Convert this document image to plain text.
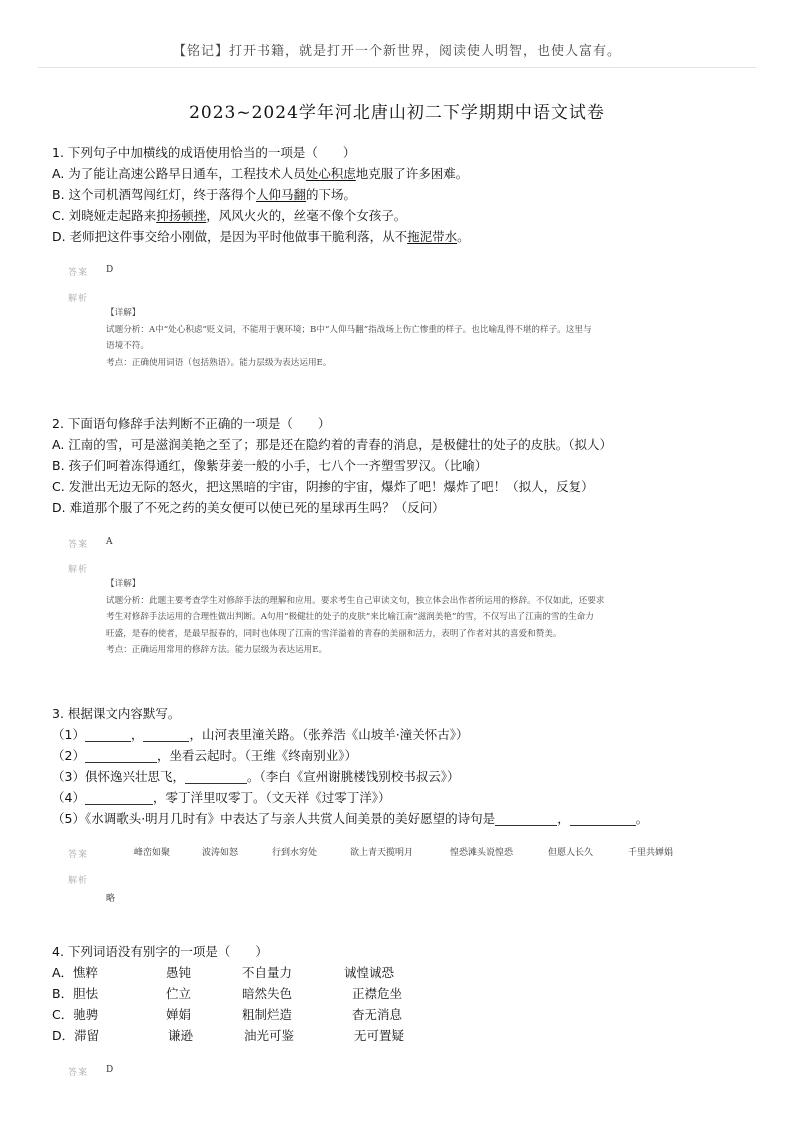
【铭记】打开书籍，就是打开一个新世界，阅读使人明智，也使人富有。
2023~2024学年河北唐山初二下学期期中语文试卷
1. 下列句子中加横线的成语使用恰当的一项是（　　）
A. 为了能让高速公路早日通车，工程技术人员处心积虑地克服了许多困难。
B. 这个司机酒驾闯红灯，终于落得个人仰马翻的下场。
C. 刘晓娅走起路来抑扬顿挫，风风火火的，丝毫不像个女孩子。
D. 老师把这件事交给小刚做，是因为平时他做事干脆利落，从不拖泥带水。
答案 D
解析
【详解】
试题分析：A中“处心积虑”贬义词，不能用于褒环境；B中“人仰马翻”指战场上伤亡惨重的样子。也比喻乱得不堪的样子。这里与
语境不符。
考点：正确使用词语（包括熟语）。能力层级为表达运用E。
2. 下面语句修辞手法判断不正确的一项是（　　）
A. 江南的雪，可是滋润美艳之至了；那是还在隐约着的青春的消息，是极健壮的处子的皮肤。（拟人）
B. 孩子们呵着冻得通红，像紫芽姜一般的小手，七八个一齐塑雪罗汉。（比喻）
C. 发泄出无边无际的怒火，把这黑暗的宇宙，阴掺的宇宙，爆炸了吧！爆炸了吧！（拟人，反复）
D. 难道那个服了不死之药的美女便可以使已死的星球再生吗？（反问）
答案 A
解析
【详解】
试题分析：此题主要考查学生对修辞手法的理解和应用。要求考生自己审读文句，独立体会出作者所运用的修辞。不仅如此，还要求
考生对修辞手法运用的合理性做出判断。A句用“极健壮的处子的皮肤”来比喻江南“滋润美艳”的雪，不仅写出了江南的雪的生命力
旺盛，是春的使者，是最早报春的，同时也体现了江南的雪洋溢着的青春的美丽和活力，表明了作者对其的喜爱和赞美。
考点：正确运用常用的修辞方法。能力层级为表达运用E。
3. 根据课文内容默写。
（1）	，	，山河表里潼关路。（张养浩《山坡羊·潼关怀古》）
（2）	，坐看云起时。（王维《终南别业》）
（3）俱怀逸兴壮思飞，	。（李白《宣州谢朓楼饯别校书叔云》）
（4）	，零丁洋里叹零丁。（文天祥《过零丁洋》）
（5）《水调歌头·明月几时有》中表达了与亲人共赏人间美景的美好愿望的诗句是	，	。
答案	峰峦如聚	波涛如怒	行到水穷处	欲上青天揽明月	惶恐滩头说惶恐	但愿人长久	千里共婵娟
解析
略
4. 下列词语没有别字的一项是（　　）
A．憔粹	愚钝	不自量力	诚惶诚恐
B．胆怯	伫立	暗然失色	正襟危坐
C．驰骋	婵娟	粗制烂造	杳无消息
D．滞留	谦逊	油光可鉴	无可置疑
答案 D
